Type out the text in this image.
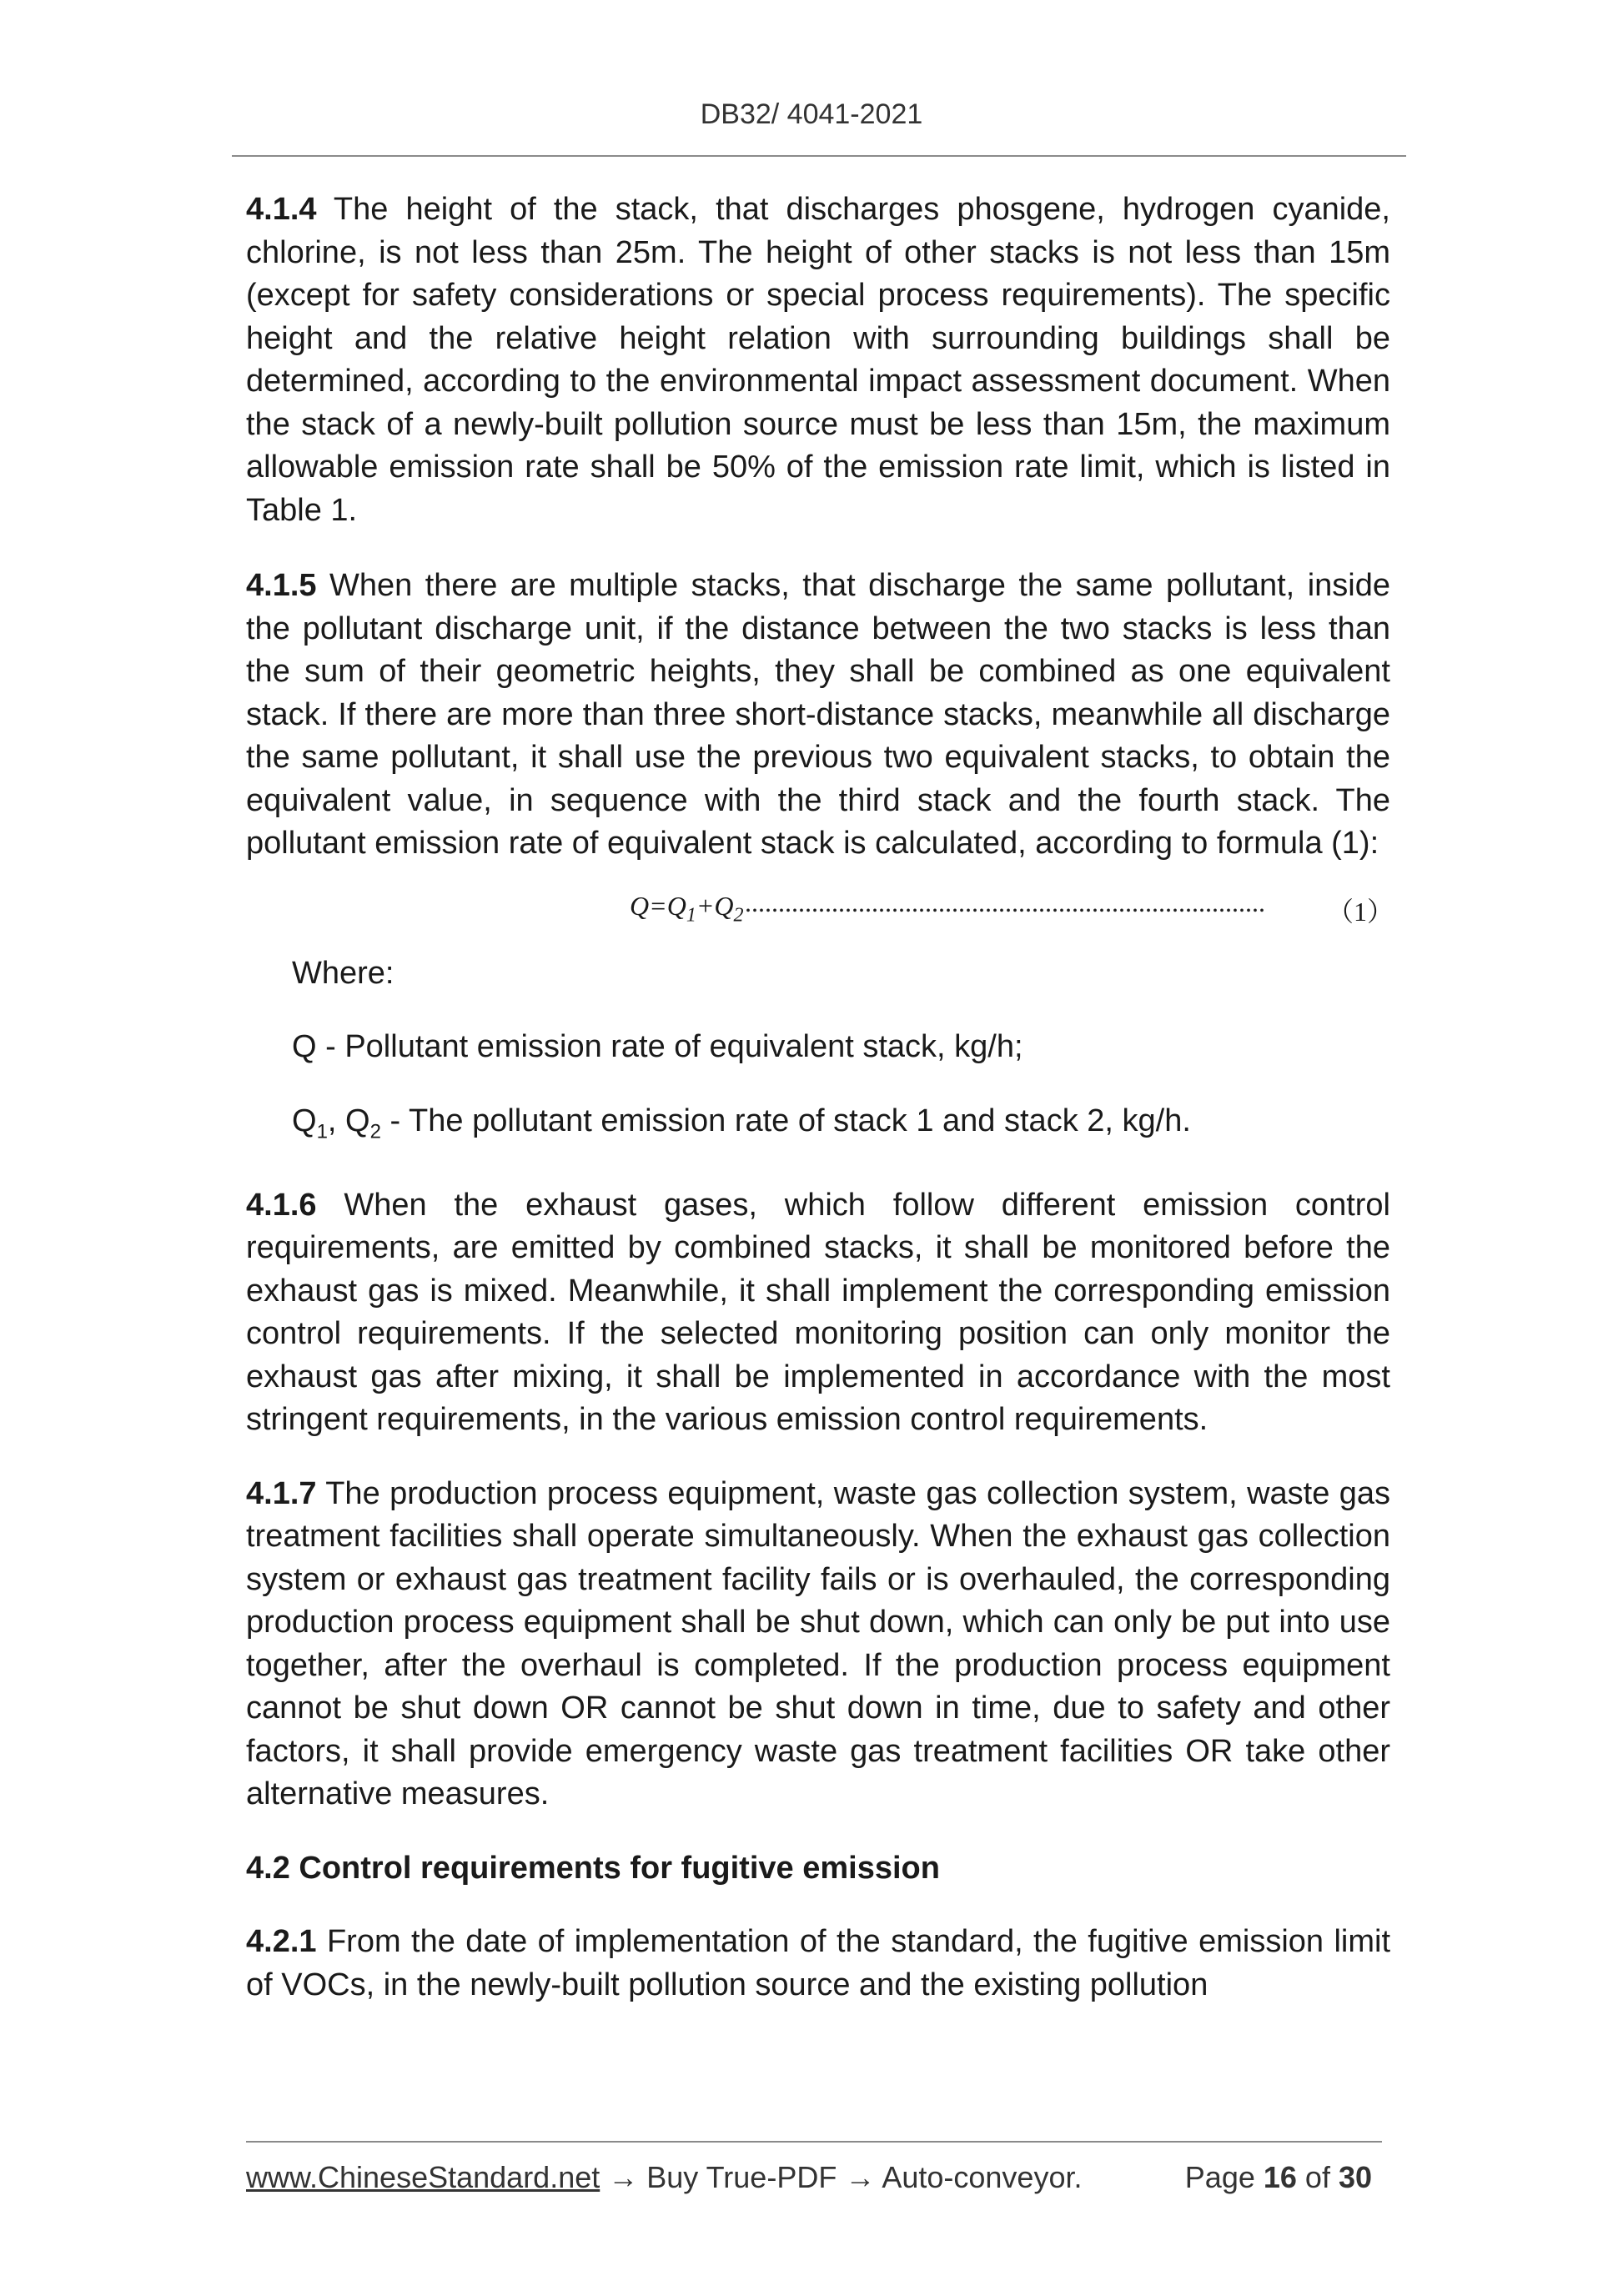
DB32/ 4041-2021

4.1.4 The height of the stack, that discharges phosgene, hydrogen cyanide, chlorine, is not less than 25m. The height of other stacks is not less than 15m (except for safety considerations or special process requirements). The specific height and the relative height relation with surrounding buildings shall be determined, according to the environmental impact assessment document. When the stack of a newly-built pollution source must be less than 15m, the maximum allowable emission rate shall be 50% of the emission rate limit, which is listed in Table 1.

4.1.5 When there are multiple stacks, that discharge the same pollutant, inside the pollutant discharge unit, if the distance between the two stacks is less than the sum of their geometric heights, they shall be combined as one equivalent stack. If there are more than three short-distance stacks, meanwhile all discharge the same pollutant, it shall use the previous two equivalent stacks, to obtain the equivalent value, in sequence with the third stack and the fourth stack. The pollutant emission rate of equivalent stack is calculated, according to formula (1):

$Q=Q_1+Q_2$ .............................................................................. （1）

Where:

Q - Pollutant emission rate of equivalent stack, kg/h;

$Q_1$, $Q_2$ - The pollutant emission rate of stack 1 and stack 2, kg/h.

4.1.6 When the exhaust gases, which follow different emission control requirements, are emitted by combined stacks, it shall be monitored before the exhaust gas is mixed. Meanwhile, it shall implement the corresponding emission control requirements. If the selected monitoring position can only monitor the exhaust gas after mixing, it shall be implemented in accordance with the most stringent requirements, in the various emission control requirements.

4.1.7 The production process equipment, waste gas collection system, waste gas treatment facilities shall operate simultaneously. When the exhaust gas collection system or exhaust gas treatment facility fails or is overhauled, the corresponding production process equipment shall be shut down, which can only be put into use together, after the overhaul is completed. If the production process equipment cannot be shut down OR cannot be shut down in time, due to safety and other factors, it shall provide emergency waste gas treatment facilities OR take other alternative measures.

4.2 Control requirements for fugitive emission

4.2.1 From the date of implementation of the standard, the fugitive emission limit of VOCs, in the newly-built pollution source and the existing pollution

www.ChineseStandard.net → Buy True-PDF → Auto-conveyor.	Page 16 of 30
